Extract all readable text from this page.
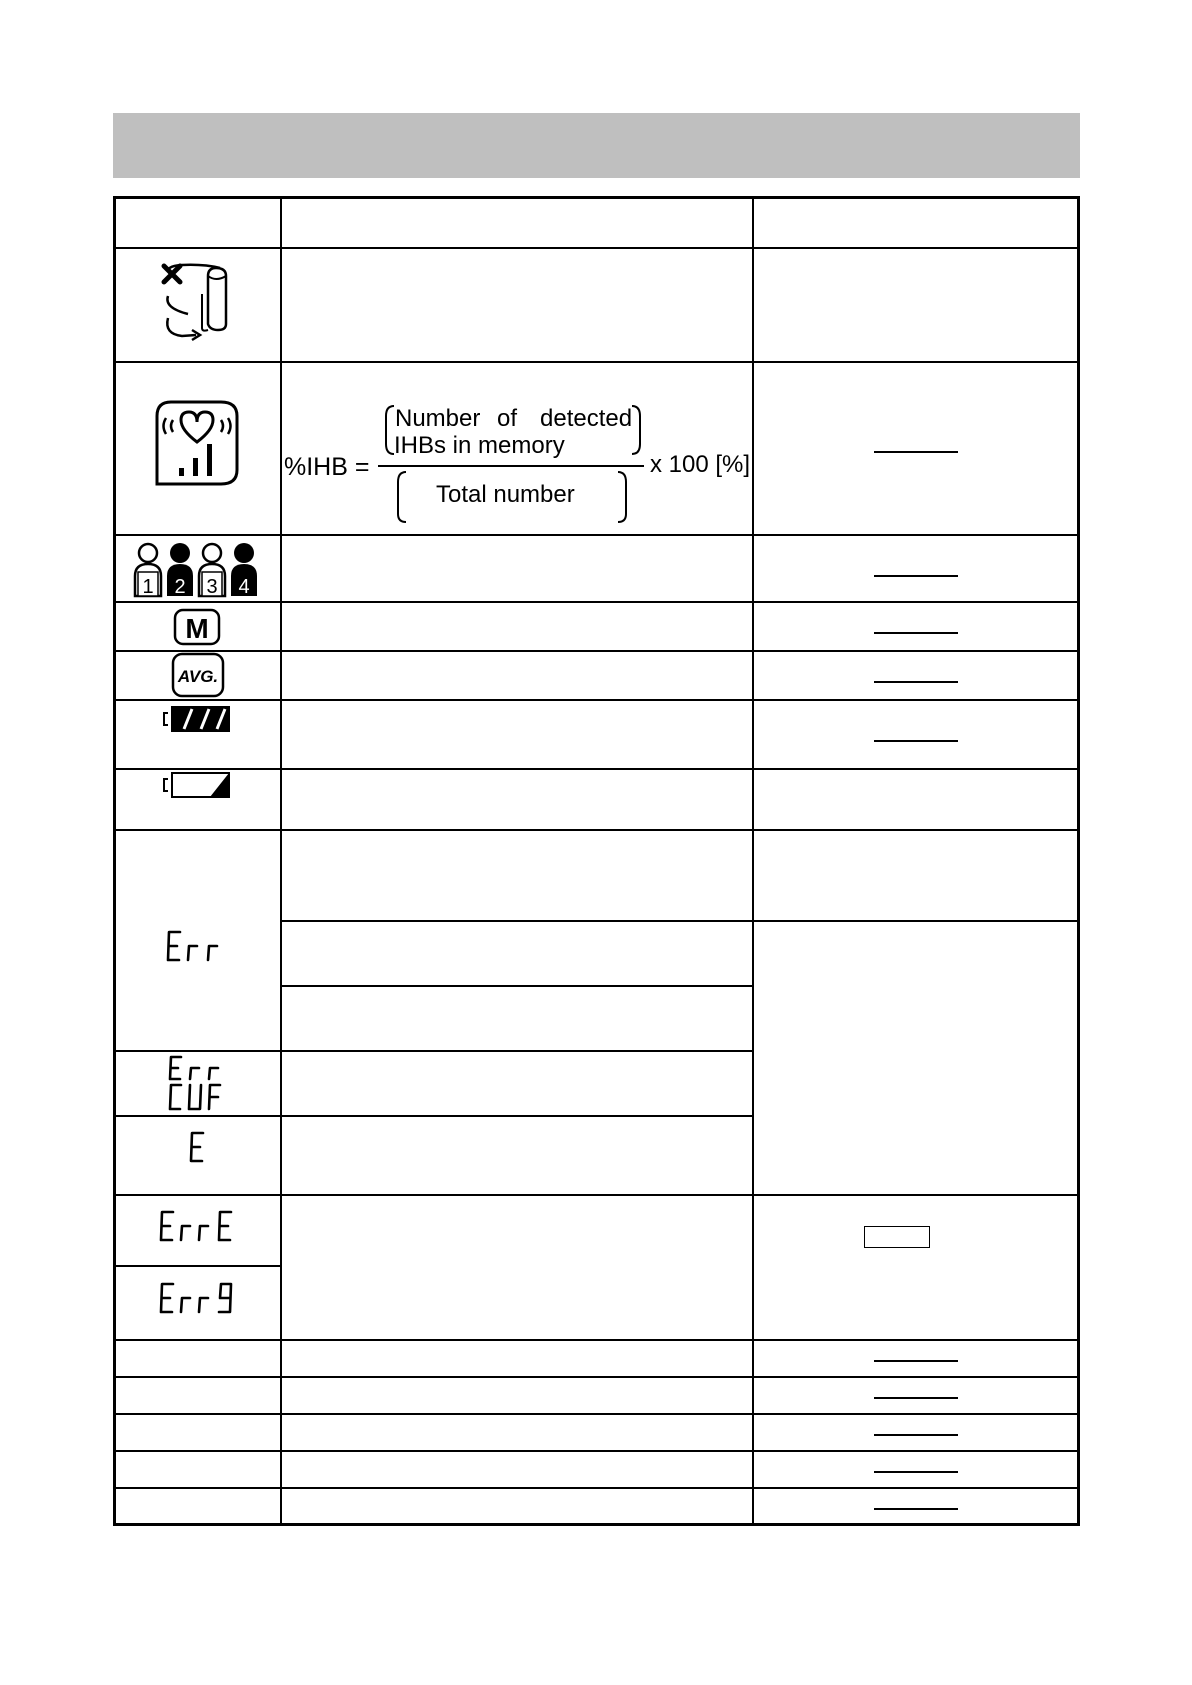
%IHB =
Number of detected
IHBs in memory
Total number
x 100 [%]
1 2 3 4
M
AVG.
